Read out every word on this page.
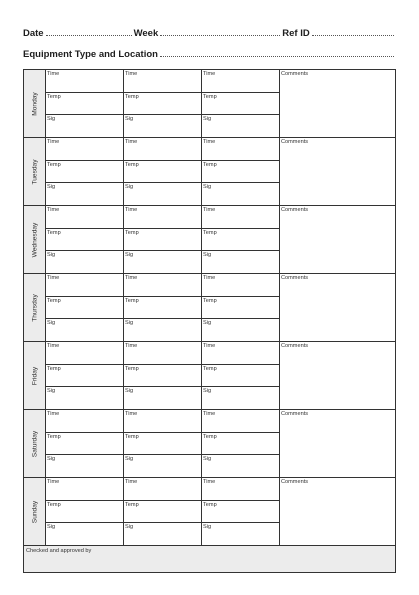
Date	Week	Ref ID
Equipment Type and Location
Checked and approved by
Monday
Time
Temp
Sig
Time
Temp
Sig
Time
Temp
Sig
Comments
Tuesday
Time
Temp
Sig
Time
Temp
Sig
Time
Temp
Sig
Comments
Wednesday
Time
Temp
Sig
Time
Temp
Sig
Time
Temp
Sig
Comments
Thursday
Time
Temp
Sig
Time
Temp
Sig
Time
Temp
Sig
Comments
Friday
Time
Temp
Sig
Time
Temp
Sig
Time
Temp
Sig
Comments
Saturday
Time
Temp
Sig
Time
Temp
Sig
Time
Temp
Sig
Comments
Sunday
Time
Temp
Sig
Time
Temp
Sig
Time
Temp
Sig
Comments
